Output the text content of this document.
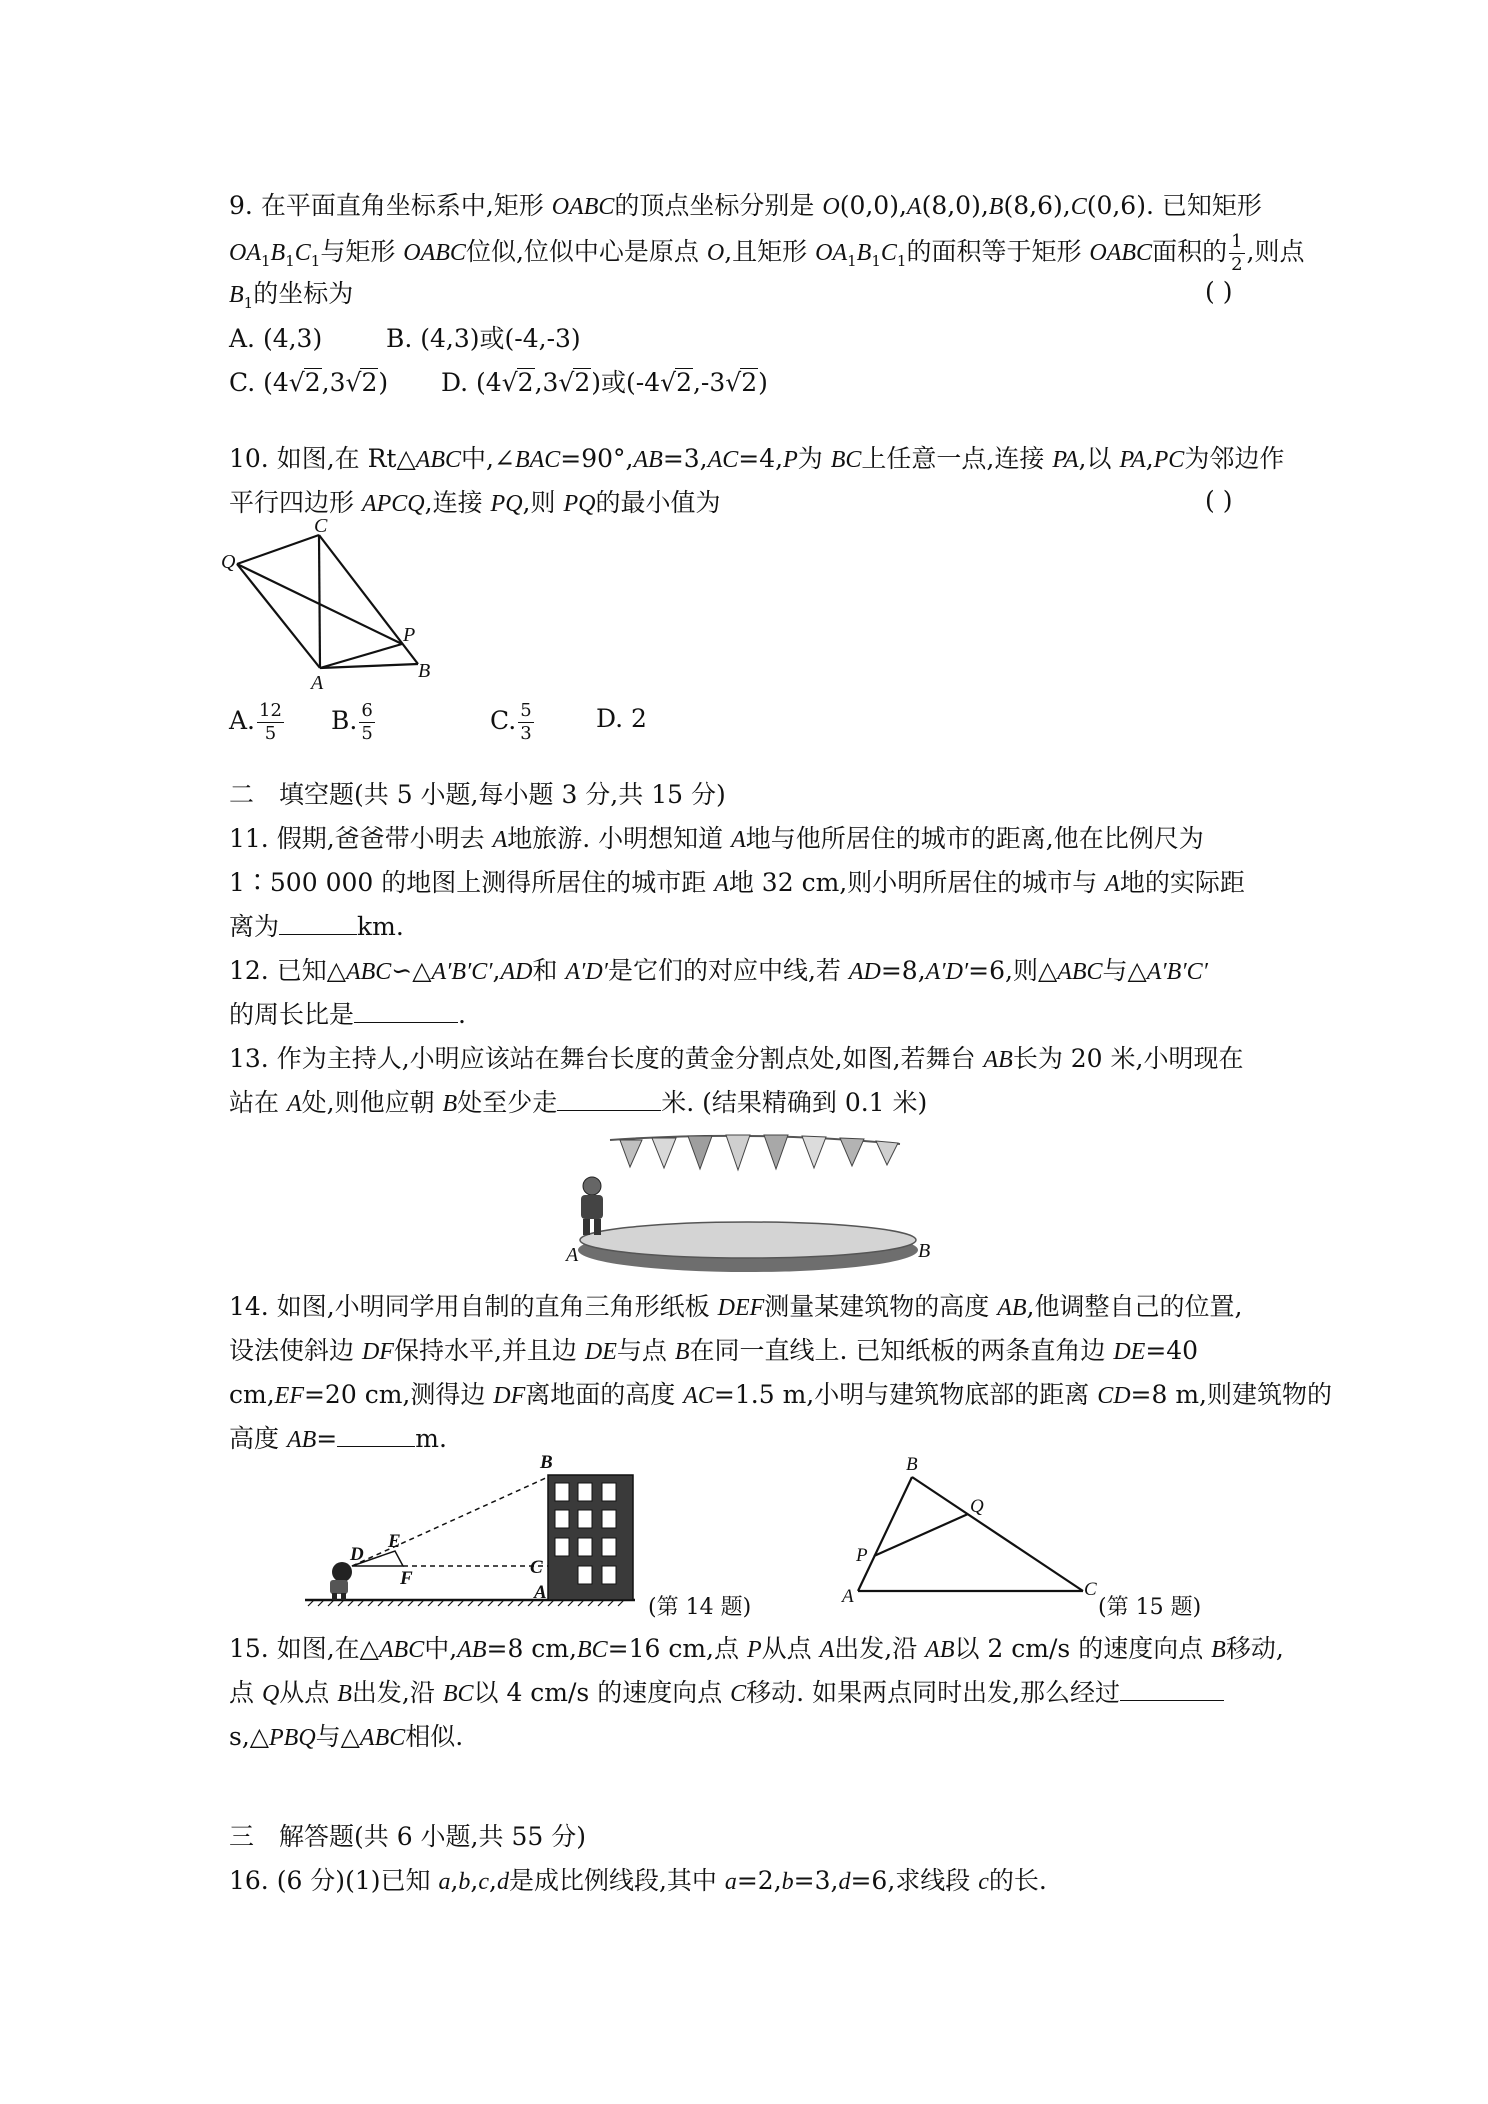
9. 在平面直角坐标系中,矩形 OABC的顶点坐标分别是 O(0,0),A(8,0),B(8,6),C(0,6). 已知矩形
$OA_1B_1C_1$与矩形 OABC位似,位似中心是原点 O,且矩形 $OA_1B_1C_1$的面积等于矩形 OABC面积的 $\frac{1}{2}$ ,则点
$B_1$的坐标为	( )
A. (4,3)	B. (4,3)或(-4,-3)
C. (4√2,3√2) D. (4√2,3√2)或(-4√2,-3√2)
10. 如图,在 Rt△ABC中,∠BAC=90°,AB=3,AC=4,P为 BC上任意一点,连接 PA,以 PA,PC为邻边作
平行四边形 APCQ,连接 PQ,则 PQ的最小值为	( )
C
Q
P
A
B
A. $\frac{12}{5} B$. $\frac{6}{5}$	C. $\frac{5}{3} D$. 2
二　填空题(共 5 小题,每小题 3 分,共 15 分)
11. 假期,爸爸带小明去 A地旅游. 小明想知道 A地与他所居住的城市的距离,他在比例尺为
1∶500 000 的地图上测得所居住的城市距 A地 32 cm,则小明所居住的城市与 A地的实际距
离为	km.
12. 已知△ABC∽△A′B′C′,AD和 A′D′是它们的对应中线,若 AD=8,A′D′=6,则△ABC与△A′B′C′
的周长比是	.
13. 作为主持人,小明应该站在舞台长度的黄金分割点处,如图,若舞台 AB长为 20 米,小明现在
站在 A处,则他应朝 B处至少走	米. (结果精确到 0.1 米)
A	B
14. 如图,小明同学用自制的直角三角形纸板 DEF测量某建筑物的高度 AB,他调整自己的位置,
设法使斜边 DF保持水平,并且边 DE与点 B在同一直线上. 已知纸板的两条直角边 DE=40
cm,EF=20 cm,测得边 DF离地面的高度 AC=1.5 m,小明与建筑物底部的距离 CD=8 m,则建筑物的
高度 AB=	m.
B
D
E
F
C
A
(第 14 题)
B
Q
P
A	C
(第 15 题)
15. 如图,在△ABC中,AB=8 cm,BC=16 cm,点 P从点 A出发,沿 AB以 2 cm/s 的速度向点 B移动,
点 Q从点 B出发,沿 BC以 4 cm/s 的速度向点 C移动. 如果两点同时出发,那么经过
s,△PBQ与△ABC相似.
三　解答题(共 6 小题,共 55 分)
16. (6 分)(1)已知 a,b,c,d是成比例线段,其中 a=2,b=3,d=6,求线段 c的长.
